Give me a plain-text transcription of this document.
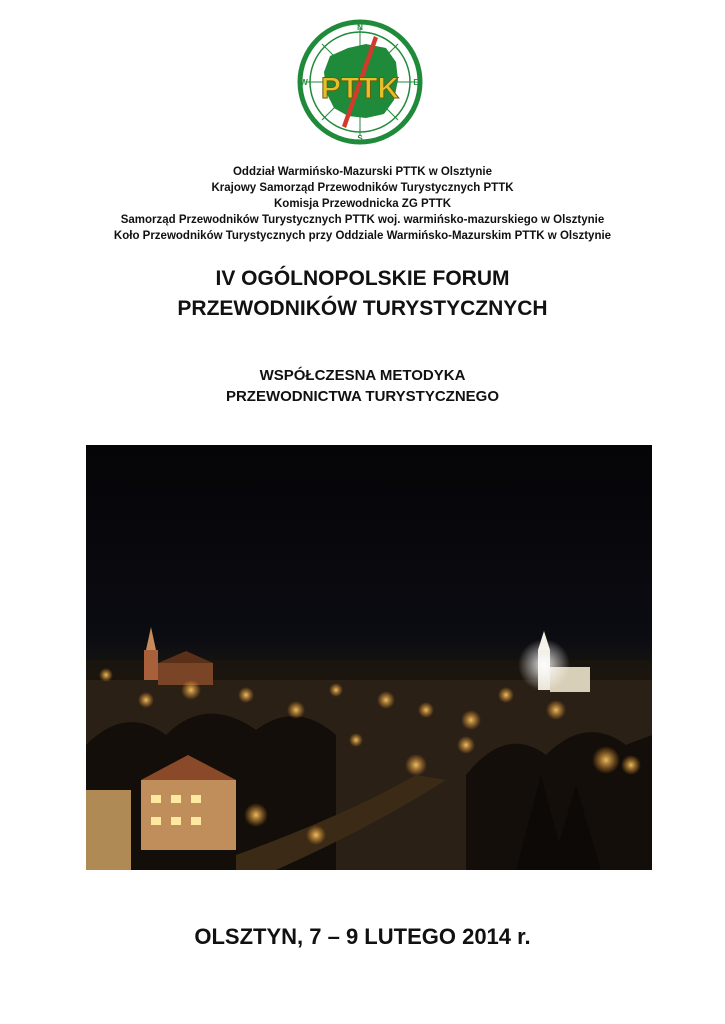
PTTK
N
S
E
W
Oddział Warmińsko-Mazurski PTTK w Olsztynie
Krajowy Samorząd Przewodników Turystycznych PTTK
Komisja Przewodnicka ZG PTTK
Samorząd Przewodników Turystycznych PTTK woj. warmińsko-mazurskiego w Olsztynie
Koło Przewodników Turystycznych przy Oddziale Warmińsko-Mazurskim PTTK w Olsztynie
IV OGÓLNOPOLSKIE FORUM
PRZEWODNIKÓW TURYSTYCZNYCH
WSPÓŁCZESNA METODYKA
PRZEWODNICTWA TURYSTYCZNEGO
OLSZTYN, 7 – 9 LUTEGO 2014 r.
